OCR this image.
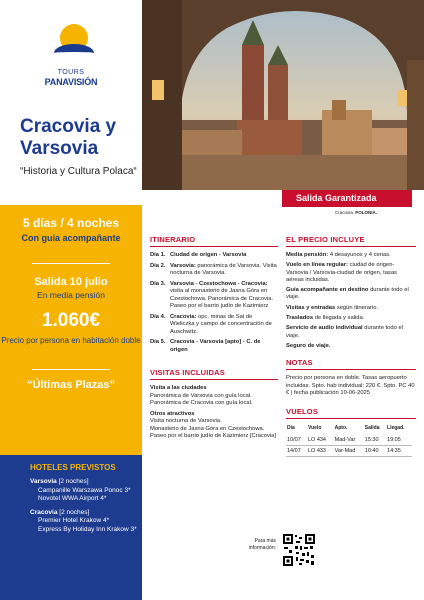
TOURS
PANAVISIÓN
Cracovia y Varsovia
“Historia y Cultura Polaca“
5 días / 4 noches
Con guía acompañante
Salida 10 julio
En media pensión
1.060€
Precio por persona en habitación doble
“Últimas Plazas”
HOTELES PREVISTOS
Varsovia [2 noches]
Campanille Warszawa Ponoc 3*
Novotel WWA Airport 4*
Cracovia [2 noches]
Premier Hotel Krakow 4*
Express By Holiday Inn Krakow 3*
Salida Garantizada
Cracovia. POLONIA.
ITINERARIO
Día 1. Ciudad de origen - Varsovia
Día 2. Varsovia: panorámica de Varsovia. Visita nocturna de Varsovia.
Día 3. Varsovia - Czestochowa - Cracovia: visita al monasterio de Jasna Góra en Czestochowa. Panorámica de Cracovia. Paseo por el barrio judío de Kazimierz
Día 4. Cracovia: opc. minas de Sal de Wieliczka y campo de concentración de Auschwitz.
Día 5. Cracovia - Varsovia [apto] - C. de origen
VISITAS INCLUIDAS
Visita a las ciudades
Panorámica de Varsovia con guía local.
Panorámica de Cracovia con guía local.
Otros atractivos
Visita nocturna de Varsovia.
Monasterio de Jasna Góra en Czestochowa.
Paseo por el barrio judío de Kazimierz [Cracovia]
EL PRECIO INCLUYE
Media pensión: 4 desayunos y 4 cenas.
Vuelo en línea regular: ciudad de origen-Varsovia / Varsovia-ciudad de origen, tasas aéreas incluidas.
Guía acompañante en destino durante todo el viaje.
Visitas y entradas según itinerario.
Traslados de llegada y salida.
Servicio de audio individual durante todo el viaje.
Seguro de viaje.
NOTAS
Precio por persona en doble. Tasas aeropuerto incluidas. Spto. hab individual: 220 €. Spto. PC 40 € | fecha publicación 10-06-2025
VUELOS
Día	Vuelo	Apto.	Salida	Llegad.
10/07	LO 434	Mad-Var	15:30	19:05
14/07	LO 433	Var-Mad	10:40	14:35
Para más información:
